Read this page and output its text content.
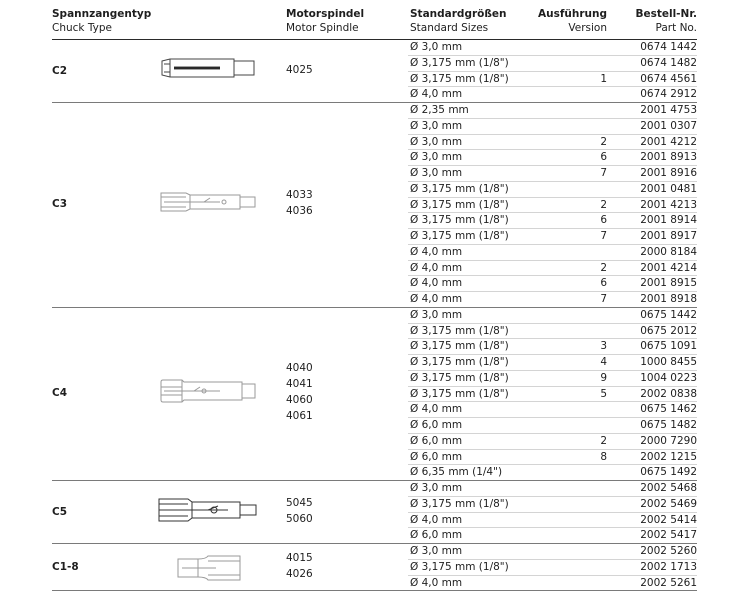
Spannzangentyp
Chuck Type
Motorspindel
Motor Spindle
Standardgrößen
Standard Sizes
Ausführung
Version
Bestell-Nr.
Part No.
C2	4025
Ø 3,0 mm	0674 1442
Ø 3,175 mm (1/8")	0674 1482
Ø 3,175 mm (1/8")	1	0674 4561
Ø 4,0 mm	0674 2912
C3
4033
4036
Ø 2,35 mm	2001 4753
Ø 3,0 mm	2001 0307
Ø 3,0 mm	2	2001 4212
Ø 3,0 mm	6	2001 8913
Ø 3,0 mm	7	2001 8916
Ø 3,175 mm (1/8")	2001 0481
Ø 3,175 mm (1/8")	2	2001 4213
Ø 3,175 mm (1/8")	6	2001 8914
Ø 3,175 mm (1/8")	7	2001 8917
Ø 4,0 mm	2000 8184
Ø 4,0 mm	2	2001 4214
Ø 4,0 mm	6	2001 8915
Ø 4,0 mm	7	2001 8918
C4
4040
4041
4060
4061
Ø 3,0 mm	0675 1442
Ø 3,175 mm (1/8")	0675 2012
Ø 3,175 mm (1/8")	3	0675 1091
Ø 3,175 mm (1/8")	4	1000 8455
Ø 3,175 mm (1/8")	9	1004 0223
Ø 3,175 mm (1/8")	5	2002 0838
Ø 4,0 mm	0675 1462
Ø 6,0 mm	0675 1482
Ø 6,0 mm	2	2000 7290
Ø 6,0 mm	8	2002 1215
Ø 6,35 mm (1/4")	0675 1492
C5
5045
5060
Ø 3,0 mm	2002 5468
Ø 3,175 mm (1/8")	2002 5469
Ø 4,0 mm	2002 5414
Ø 6,0 mm	2002 5417
C1-8
4015
4026
Ø 3,0 mm	2002 5260
Ø 3,175 mm (1/8")	2002 1713
Ø 4,0 mm	2002 5261
